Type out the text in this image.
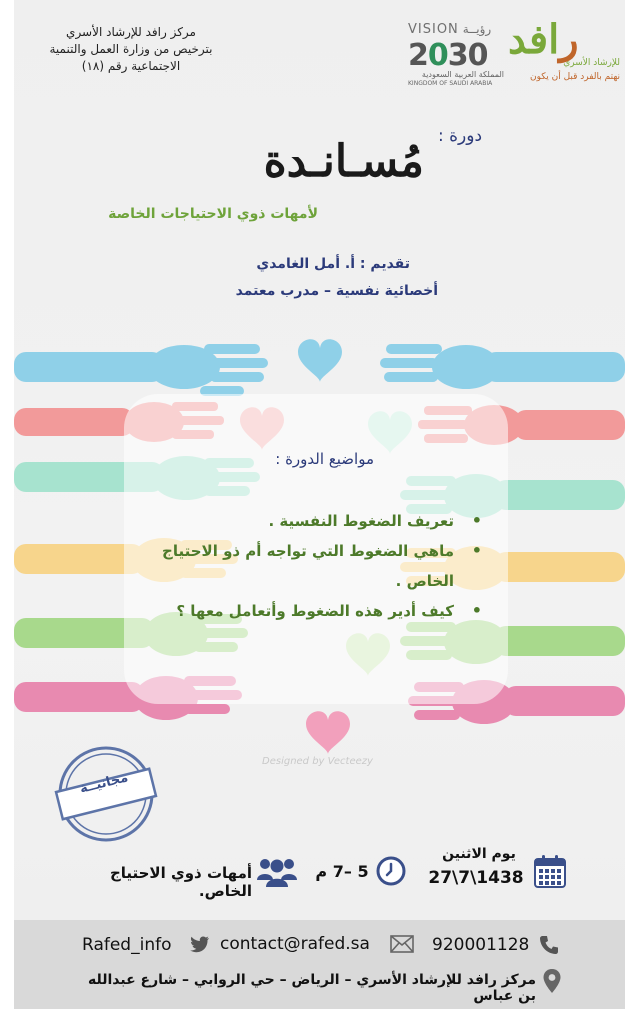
مركز رافد للإرشاد الأسري
بترخيص من وزارة العمل والتنمية
الاجتماعية رقم (١٨)
VISION رؤيــة
2030
المملكة العربية السعودية
KINGDOM OF SAUDI ARABIA
رافد للإرشاد الأسري
نهتم بالفرد قبل أن يكون
دورة :
مُسـانـدة
لأمهات ذوي الاحتياجات الخاصة
تقديم : أ. أمل الغامدي
أخصائية نفسية – مدرب معتمد
مواضيع الدورة :
• تعريف الضغوط النفسية .
• ماهي الضغوط التي تواجه أم ذو الاحتياج الخاص .
• كيف أدير هذه الضغوط وأتعامل معها ؟
Designed by Vecteezy
مجانيــة
يوم الاثنين
27\7\1438
5 –7 م
أمهات ذوي الاحتياج الخاص.
920001128
contact@rafed.sa
Rafed_info
مركز رافد للإرشاد الأسري – الرياض – حي الروابي – شارع عبدالله بن عباس
